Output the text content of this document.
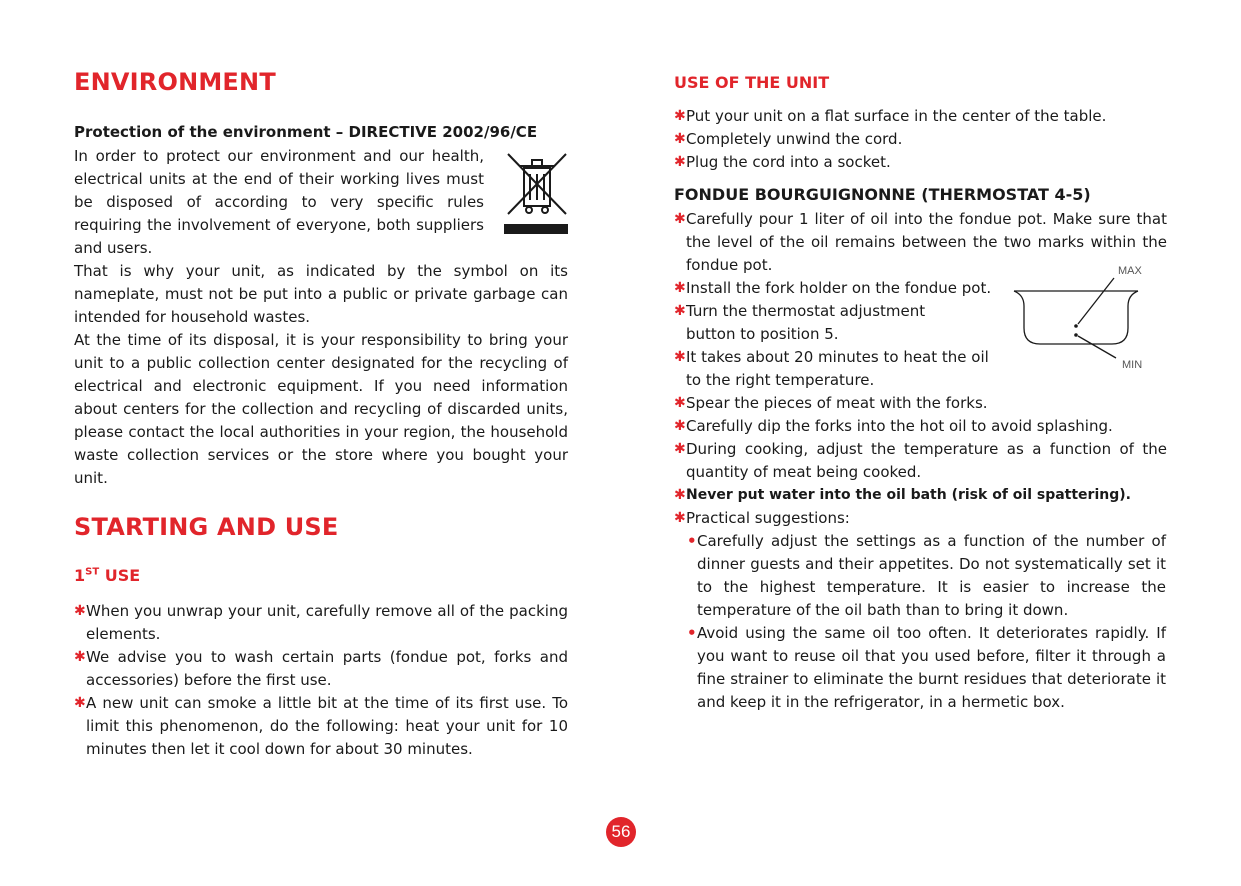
ENVIRONMENT
Protection of the environment – DIRECTIVE 2002/96/CE

In order to protect our environment and our health, electrical units at the end of their working lives must be disposed of according to very specific rules requiring the involvement of everyone, both suppliers and users.

That is why your unit, as indicated by the symbol on its nameplate, must not be put into a public or private garbage can intended for household wastes.

At the time of its disposal, it is your responsibility to bring your unit to a public collection center designated for the recycling of electrical and electronic equipment. If you need information about centers for the collection and recycling of discarded units, please contact the local authorities in your region, the household waste collection services or the store where you bought your unit.

STARTING AND USE
1ST USE
✱ When you unwrap your unit, carefully remove all of the packing elements.
✱ We advise you to wash certain parts (fondue pot, forks and accessories) before the first use.
✱ A new unit can smoke a little bit at the time of its first use. To limit this phenomenon, do the following: heat your unit for 10 minutes then let it cool down for about 30 minutes.
USE OF THE UNIT
✱ Put your unit on a flat surface in the center of the table.
✱ Completely unwind the cord.
✱ Plug the cord into a socket.
FONDUE BOURGUIGNONNE (THERMOSTAT 4-5)
✱ Carefully pour 1 liter of oil into the fondue pot. Make sure that the level of the oil remains between the two marks within the fondue pot.
✱ Install the fork holder on the fondue pot.
✱ Turn the thermostat adjustment button to position 5.
✱ It takes about 20 minutes to heat the oil to the right temperature.
MAX
MIN
✱ Spear the pieces of meat with the forks.
✱ Carefully dip the forks into the hot oil to avoid splashing.
✱ During cooking, adjust the temperature as a function of the quantity of meat being cooked.
✱ Never put water into the oil bath (risk of oil spattering).
✱ Practical suggestions:
• Carefully adjust the settings as a function of the number of dinner guests and their appetites. Do not systematically set it to the highest temperature. It is easier to increase the temperature of the oil bath than to bring it down.
• Avoid using the same oil too often. It deteriorates rapidly. If you want to reuse oil that you used before, filter it through a fine strainer to eliminate the burnt residues that deteriorate it and keep it in the refrigerator, in a hermetic box.
56
